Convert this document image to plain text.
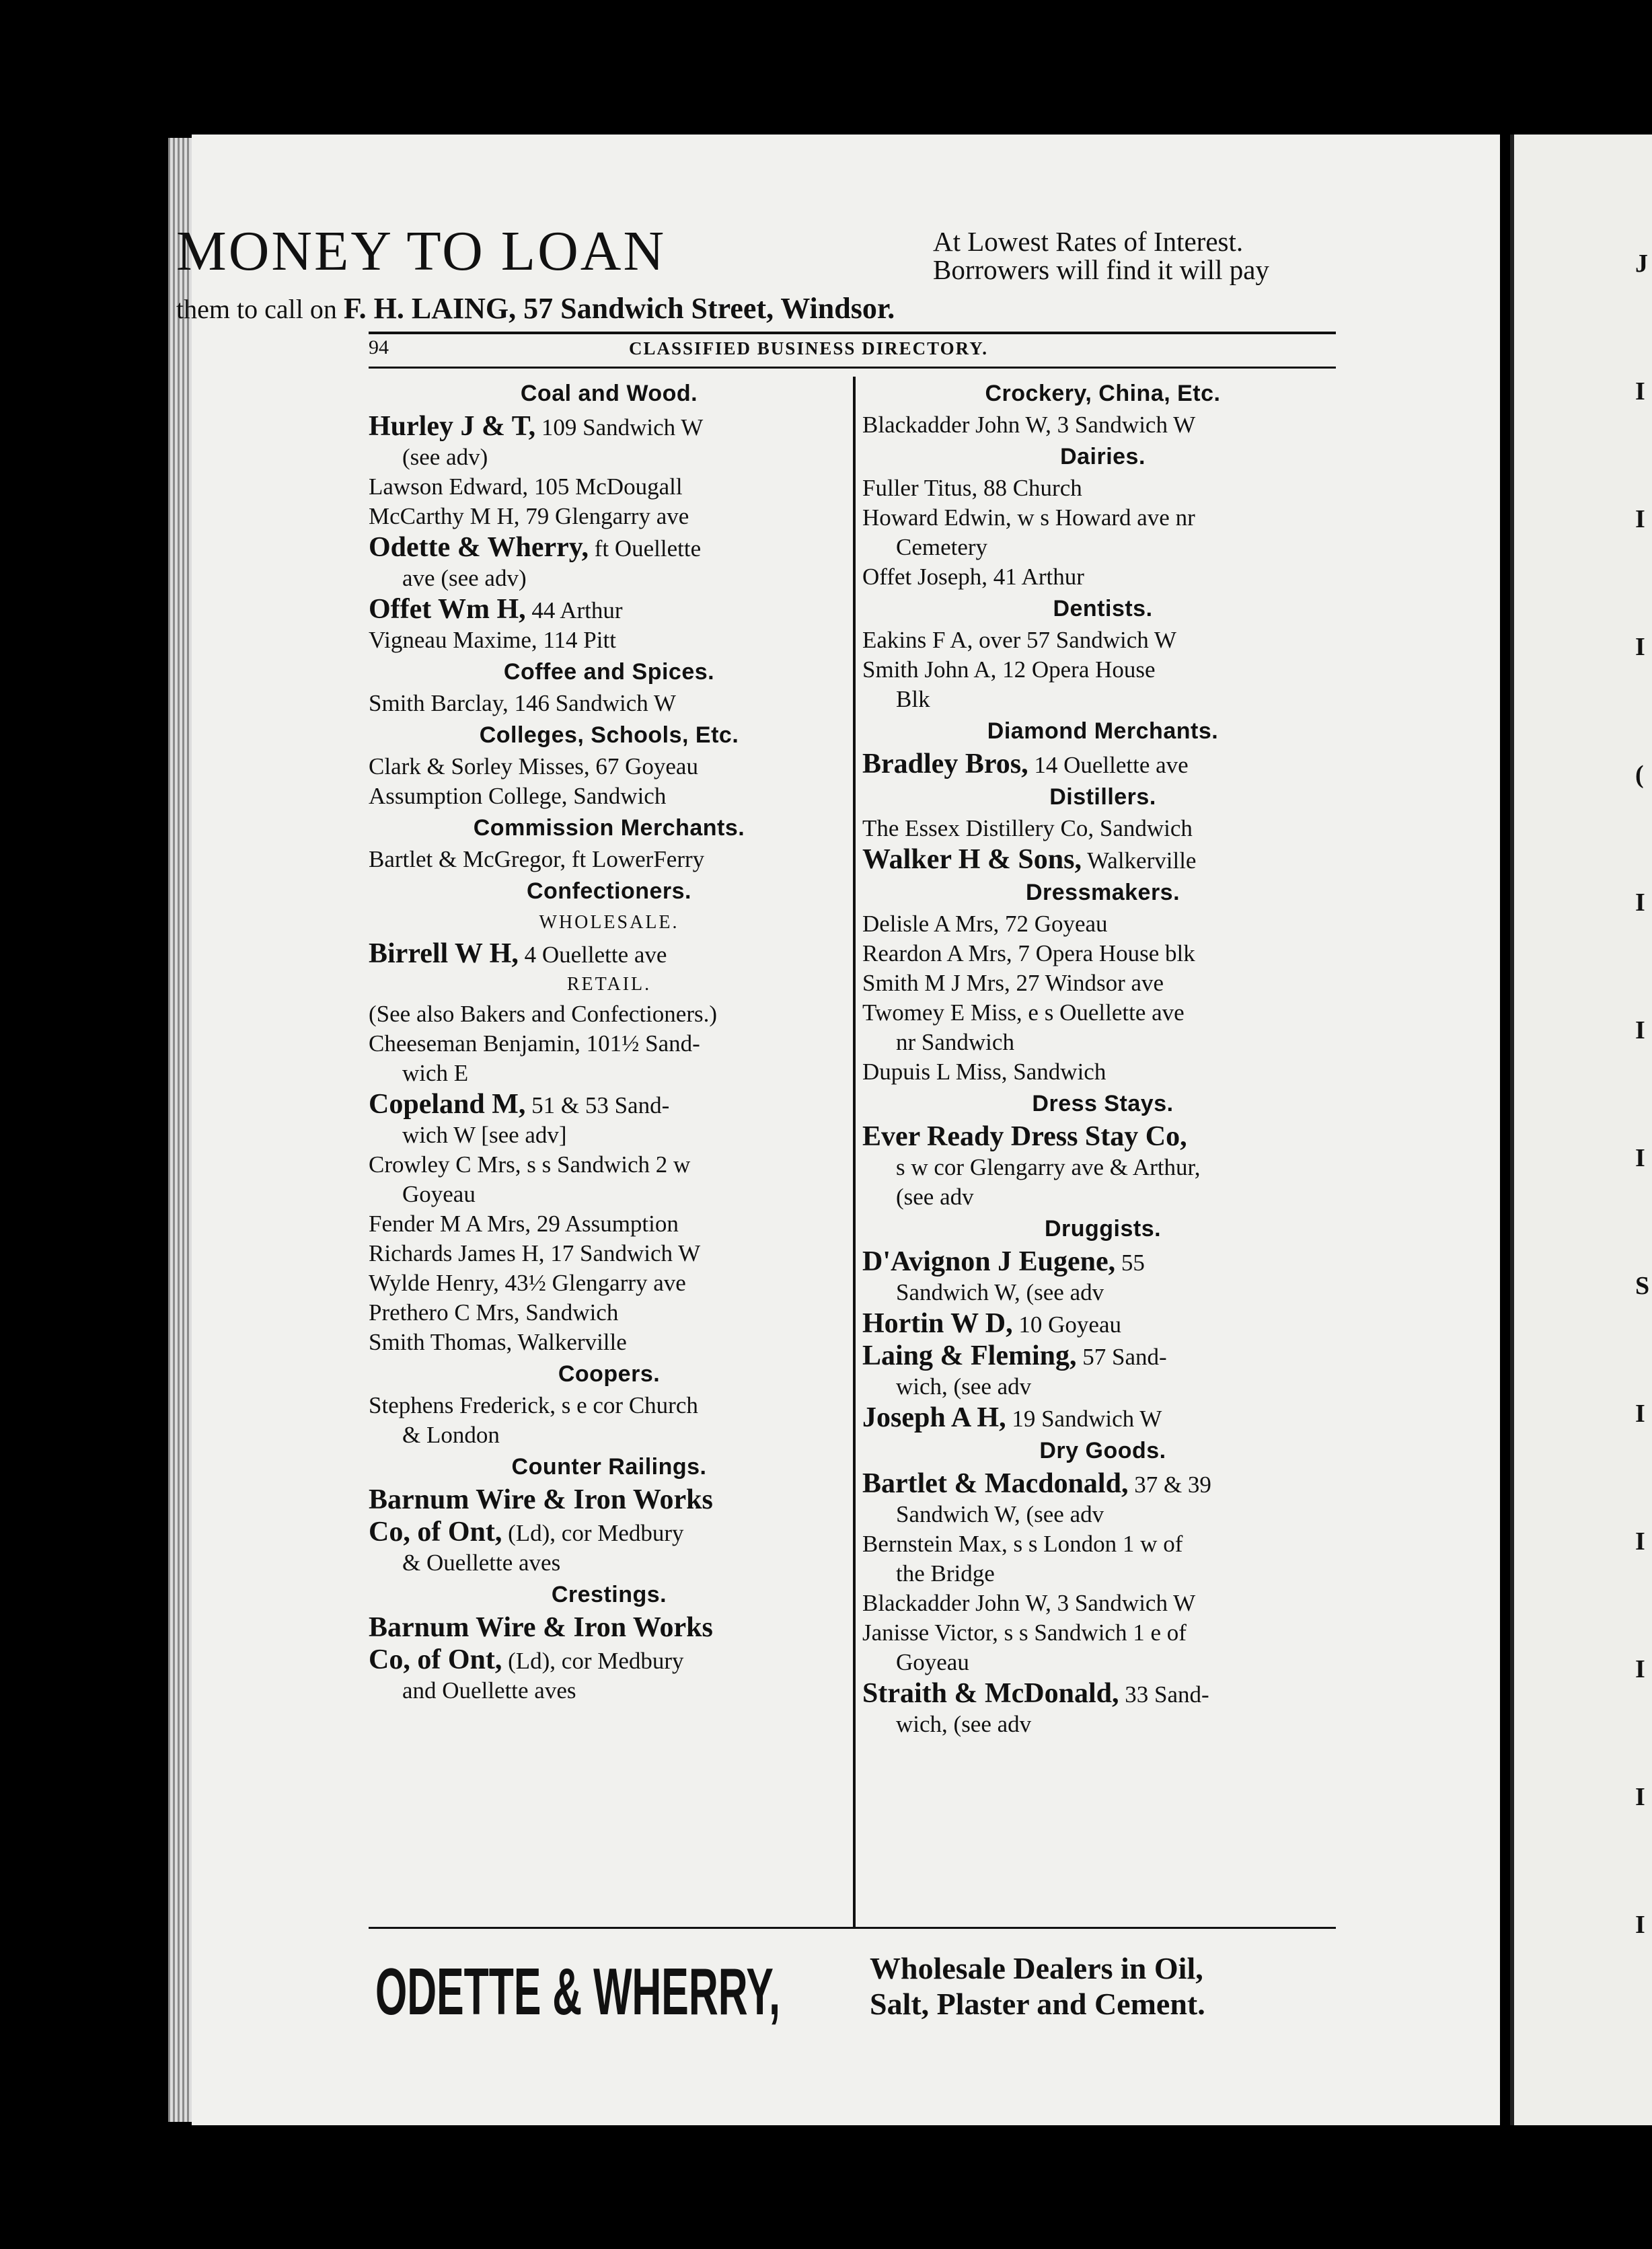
J
I
I
I
(
I
I
I
S
I
I
I
I
I
MONEY TO LOAN	At Lowest Rates of Interest.
Borrowers will find it will pay
them to call on F. H. LAING, 57 Sandwich Street, Windsor.
94	CLASSIFIED BUSINESS DIRECTORY.
Coal and Wood.
Hurley J & T, 109 Sandwich W
(see adv)
Lawson Edward, 105 McDougall
McCarthy M H, 79 Glengarry ave
Odette & Wherry, ft Ouellette
ave (see adv)
Offet Wm H, 44 Arthur
Vigneau Maxime, 114 Pitt
Coffee and Spices.
Smith Barclay, 146 Sandwich W
Colleges, Schools, Etc.
Clark & Sorley Misses, 67 Goyeau
Assumption College, Sandwich
Commission Merchants.
Bartlet & McGregor, ft LowerFerry
Confectioners.
WHOLESALE.
Birrell W H, 4 Ouellette ave
RETAIL.
(See also Bakers and Confectioners.)
Cheeseman Benjamin, 101½ Sand-
wich E
Copeland M, 51 & 53 Sand-
wich W [see adv]
Crowley C Mrs, s s Sandwich 2 w
Goyeau
Fender M A Mrs, 29 Assumption
Richards James H, 17 Sandwich W
Wylde Henry, 43½ Glengarry ave
Prethero C Mrs, Sandwich
Smith Thomas, Walkerville
Coopers.
Stephens Frederick, s e cor Church
& London
Counter Railings.
Barnum Wire & Iron Works
Co, of Ont, (Ld), cor Medbury
& Ouellette aves
Crestings.
Barnum Wire & Iron Works
Co, of Ont, (Ld), cor Medbury
and Ouellette aves
Crockery, China, Etc.
Blackadder John W, 3 Sandwich W
Dairies.
Fuller Titus, 88 Church
Howard Edwin, w s Howard ave nr
Cemetery
Offet Joseph, 41 Arthur
Dentists.
Eakins F A, over 57 Sandwich W
Smith John A, 12 Opera House
Blk
Diamond Merchants.
Bradley Bros, 14 Ouellette ave
Distillers.
The Essex Distillery Co, Sandwich
Walker H & Sons, Walkerville
Dressmakers.
Delisle A Mrs, 72 Goyeau
Reardon A Mrs, 7 Opera House blk
Smith M J Mrs, 27 Windsor ave
Twomey E Miss, e s Ouellette ave
nr Sandwich
Dupuis L Miss, Sandwich
Dress Stays.
Ever Ready Dress Stay Co,
s w cor Glengarry ave & Arthur,
(see adv
Druggists.
D'Avignon J Eugene, 55
Sandwich W, (see adv
Hortin W D, 10 Goyeau
Laing & Fleming, 57 Sand-
wich, (see adv
Joseph A H, 19 Sandwich W
Dry Goods.
Bartlet & Macdonald, 37 & 39
Sandwich W, (see adv
Bernstein Max, s s London 1 w of
the Bridge
Blackadder John W, 3 Sandwich W
Janisse Victor, s s Sandwich 1 e of
Goyeau
Straith & McDonald, 33 Sand-
wich, (see adv
ODETTE & WHERRY,	Wholesale Dealers in Oil,
Salt, Plaster and Cement.
